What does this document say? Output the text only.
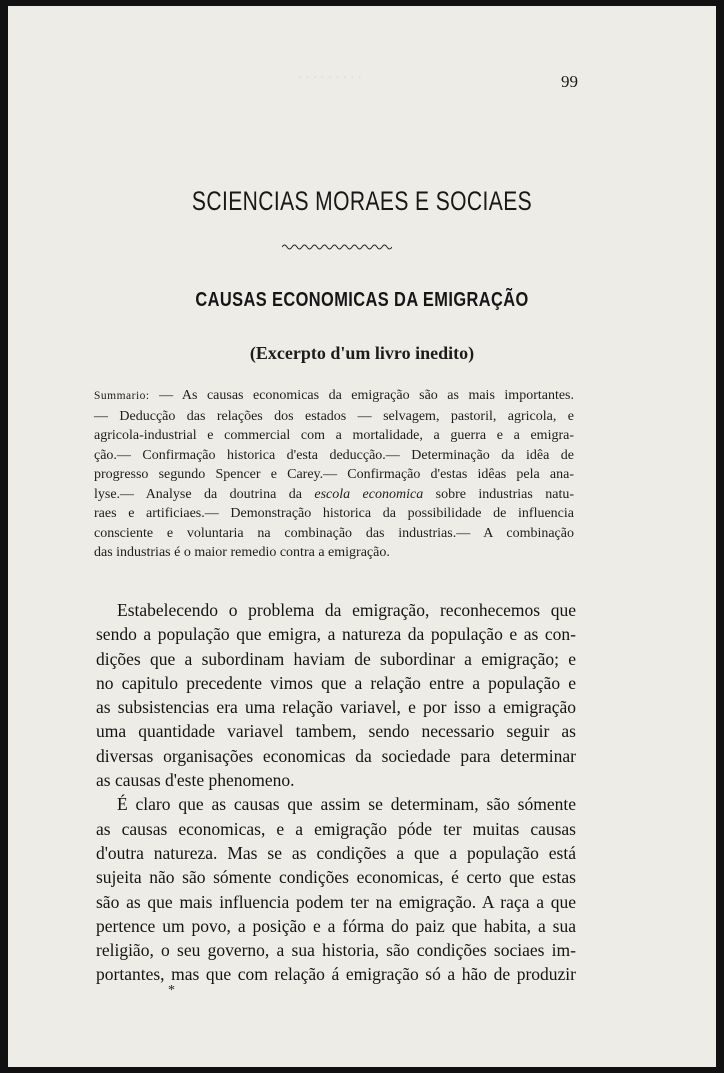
. . . . . . . . .	99
SCIENCIAS MORAES E SOCIAES
CAUSAS ECONOMICAS DA EMIGRAÇÃO
(Excerpto d'um livro inedito)
Summario: — As causas economicas da emigração são as mais importantes.
— Deducção das relações dos estados — selvagem, pastoril, agricola, e
agricola-industrial e commercial com a mortalidade, a guerra e a emigra-
ção.— Confirmação historica d'esta deducção.— Determinação da idêa de
progresso segundo Spencer e Carey.— Confirmação d'estas idêas pela ana-
lyse.— Analyse da doutrina da escola economica sobre industrias natu-
raes e artificiaes.— Demonstração historica da possibilidade de influencia
consciente e voluntaria na combinação das industrias.— A combinação
das industrias é o maior remedio contra a emigração.
Estabelecendo o problema da emigração, reconhecemos que
sendo a população que emigra, a natureza da população e as con-
dições que a subordinam haviam de subordinar a emigração; e
no capitulo precedente vimos que a relação entre a população e
as subsistencias era uma relação variavel, e por isso a emigração
uma quantidade variavel tambem, sendo necessario seguir as
diversas organisações economicas da sociedade para determinar
as causas d'este phenomeno.
É claro que as causas que assim se determinam, são sómente
as causas economicas, e a emigração póde ter muitas causas
d'outra natureza. Mas se as condições a que a população está
sujeita não são sómente condições economicas, é certo que estas
são as que mais influencia podem ter na emigração. A raça a que
pertence um povo, a posição e a fórma do paiz que habita, a sua
religião, o seu governo, a sua historia, são condições sociaes im-
portantes, mas que com relação á emigração só a hão de produzir
*
